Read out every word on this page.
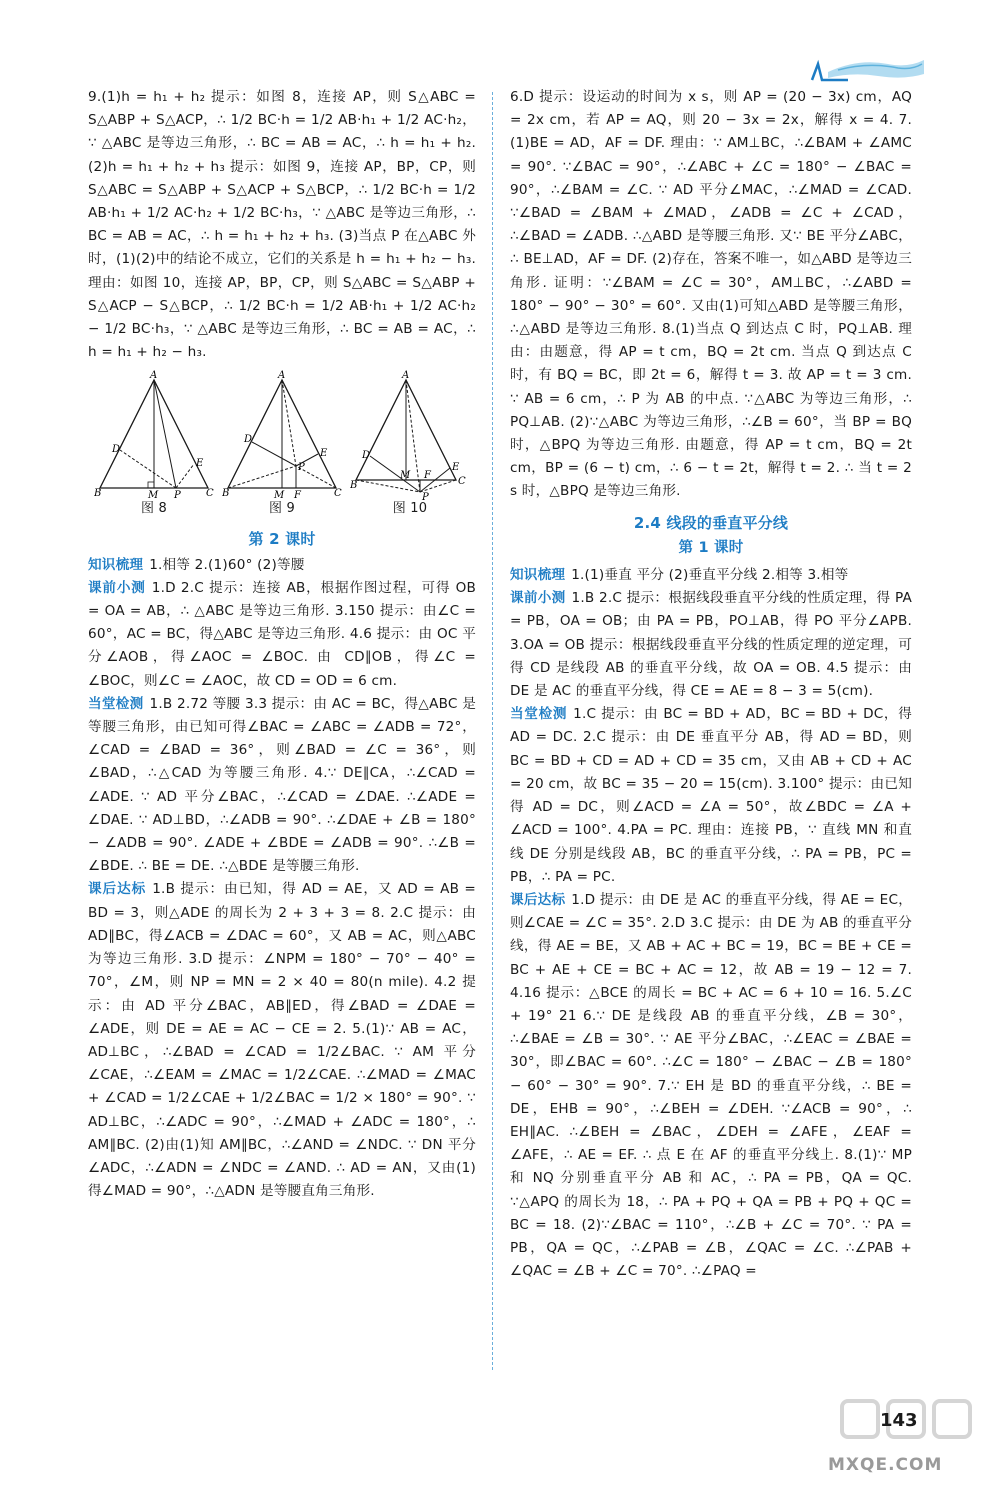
9.(1)h = h₁ + h₂ 提示：如图 8，连接 AP，则 S△ABC = S△ABP + S△ACP，∴ 1/2 BC·h = 1/2 AB·h₁ + 1/2 AC·h₂，∵ △ABC 是等边三角形，∴ BC = AB = AC，∴ h = h₁ + h₂. (2)h = h₁ + h₂ + h₃ 提示：如图 9，连接 AP，BP，CP，则 S△ABC = S△ABP + S△ACP + S△BCP，∴ 1/2 BC·h = 1/2 AB·h₁ + 1/2 AC·h₂ + 1/2 BC·h₃，∵ △ABC 是等边三角形，∴ BC = AB = AC，∴ h = h₁ + h₂ + h₃. (3)当点 P 在△ABC 外时，(1)(2)中的结论不成立，它们的关系是 h = h₁ + h₂ − h₃. 理由：如图 10，连接 AP，BP，CP，则 S△ABC = S△ABP + S△ACP − S△BCP，∴ 1/2 BC·h = 1/2 AB·h₁ + 1/2 AC·h₂ − 1/2 BC·h₃，∵ △ABC 是等边三角形，∴ BC = AB = AC，∴ h = h₁ + h₂ − h₃.

A
B	C
D
E
M P
图 8
A
B	C
D
E
P
M F
图 9
A
B	C
D
E
M F
P
图 10
第 2 课时

知识梳理 1.相等 2.(1)60° (2)等腰

课前小测 1.D 2.C 提示：连接 AB，根据作图过程，可得 OB = OA = AB，∴ △ABC 是等边三角形. 3.150 提示：由∠C = 60°，AC = BC，得△ABC 是等边三角形. 4.6 提示：由 OC 平分∠AOB，得∠AOC = ∠BOC. 由 CD∥OB，得∠C = ∠BOC，则∠C = ∠AOC，故 CD = OD = 6 cm.

当堂检测 1.B 2.72 等腰 3.3 提示：由 AC = BC，得△ABC 是等腰三角形，由已知可得∠BAC = ∠ABC = ∠ADB = 72°，∠CAD = ∠BAD = 36°，则∠BAD = ∠C = 36°，则∠BAD，∴△CAD 为等腰三角形. 4.∵ DE∥CA，∴∠CAD = ∠ADE. ∵ AD 平分∠BAC，∴∠CAD = ∠DAE. ∴∠ADE = ∠DAE. ∵ AD⊥BD，∴∠ADB = 90°. ∴∠DAE + ∠B = 180° − ∠ADB = 90°. ∠ADE + ∠BDE = ∠ADB = 90°. ∴∠B = ∠BDE. ∴ BE = DE. ∴△BDE 是等腰三角形.

课后达标 1.B 提示：由已知，得 AD = AE，又 AD = AB = BD = 3，则△ADE 的周长为 2 + 3 + 3 = 8. 2.C 提示：由 AD∥BC，得∠ACB = ∠DAC = 60°，又 AB = AC，则△ABC 为等边三角形. 3.D 提示：∠NPM = 180° − 70° − 40° = 70°，∠M，则 NP = MN = 2 × 40 = 80(n mile). 4.2 提示：由 AD 平分∠BAC，AB∥ED，得∠BAD = ∠DAE = ∠ADE，则 DE = AE = AC − CE = 2. 5.(1)∵ AB = AC，AD⊥BC，∴∠BAD = ∠CAD = 1/2∠BAC. ∵ AM 平分∠CAE，∴∠EAM = ∠MAC = 1/2∠CAE. ∴∠MAD = ∠MAC + ∠CAD = 1/2∠CAE + 1/2∠BAC = 1/2 × 180° = 90°. ∵ AD⊥BC，∴∠ADC = 90°，∴∠MAD + ∠ADC = 180°，∴ AM∥BC. (2)由(1)知 AM∥BC，∴∠AND = ∠NDC. ∵ DN 平分∠ADC，∴∠ADN = ∠NDC = ∠AND. ∴ AD = AN，又由(1)得∠MAD = 90°，∴△ADN 是等腰直角三角形.

6.D 提示：设运动的时间为 x s，则 AP = (20 − 3x) cm，AQ = 2x cm，若 AP = AQ，则 20 − 3x = 2x，解得 x = 4. 7.(1)BE = AD，AF = DF. 理由：∵ AM⊥BC，∴∠BAM + ∠AMC = 90°. ∵∠BAC = 90°，∴∠ABC + ∠C = 180° − ∠BAC = 90°，∴∠BAM = ∠C. ∵ AD 平分∠MAC，∴∠MAD = ∠CAD. ∵∠BAD = ∠BAM + ∠MAD，∠ADB = ∠C + ∠CAD，∴∠BAD = ∠ADB. ∴△ABD 是等腰三角形. 又∵ BE 平分∠ABC，∴ BE⊥AD，AF = DF. (2)存在，答案不唯一，如△ABD 是等边三角形. 证明：∵∠BAM = ∠C = 30°，AM⊥BC，∴∠ABD = 180° − 90° − 30° = 60°. 又由(1)可知△ABD 是等腰三角形，∴△ABD 是等边三角形. 8.(1)当点 Q 到达点 C 时，PQ⊥AB. 理由：由题意，得 AP = t cm，BQ = 2t cm. 当点 Q 到达点 C 时，有 BQ = BC，即 2t = 6，解得 t = 3. 故 AP = t = 3 cm. ∵ AB = 6 cm，∴ P 为 AB 的中点. ∵△ABC 为等边三角形，∴ PQ⊥AB. (2)∵△ABC 为等边三角形，∴∠B = 60°，当 BP = BQ 时，△BPQ 为等边三角形. 由题意，得 AP = t cm，BQ = 2t cm，BP = (6 − t) cm，∴ 6 − t = 2t，解得 t = 2. ∴ 当 t = 2 s 时，△BPQ 是等边三角形.

2.4 线段的垂直平分线
第 1 课时

知识梳理 1.(1)垂直 平分 (2)垂直平分线 2.相等 3.相等

课前小测 1.B 2.C 提示：根据线段垂直平分线的性质定理，得 PA = PB，OA = OB；由 PA = PB，PO⊥AB，得 PO 平分∠APB. 3.OA = OB 提示：根据线段垂直平分线的性质定理的逆定理，可得 CD 是线段 AB 的垂直平分线，故 OA = OB. 4.5 提示：由 DE 是 AC 的垂直平分线，得 CE = AE = 8 − 3 = 5(cm).

当堂检测 1.C 提示：由 BC = BD + AD，BC = BD + DC，得 AD = DC. 2.C 提示：由 DE 垂直平分 AB，得 AD = BD，则 BC = BD + CD = AD + CD = 35 cm，又由 AB + CD + AC = 20 cm，故 BC = 35 − 20 = 15(cm). 3.100° 提示：由已知得 AD = DC，则∠ACD = ∠A = 50°，故∠BDC = ∠A + ∠ACD = 100°. 4.PA = PC. 理由：连接 PB，∵ 直线 MN 和直线 DE 分别是线段 AB，BC 的垂直平分线，∴ PA = PB，PC = PB，∴ PA = PC.

课后达标 1.D 提示：由 DE 是 AC 的垂直平分线，得 AE = EC，则∠CAE = ∠C = 35°. 2.D 3.C 提示：由 DE 为 AB 的垂直平分线，得 AE = BE，又 AB + AC + BC = 19，BC = BE + CE = BC + AE + CE = BC + AC = 12，故 AB = 19 − 12 = 7. 4.16 提示：△BCE 的周长 = BC + AC = 6 + 10 = 16. 5.∠C + 19° 21 6.∵ DE 是线段 AB 的垂直平分线，∠B = 30°，∴∠BAE = ∠B = 30°. ∵ AE 平分∠BAC，∴∠EAC = ∠BAE = 30°，即∠BAC = 60°. ∴∠C = 180° − ∠BAC − ∠B = 180° − 60° − 30° = 90°. 7.∵ EH 是 BD 的垂直平分线，∴ BE = DE，EHB = 90°，∴∠BEH = ∠DEH. ∵∠ACB = 90°，∴ EH∥AC. ∴∠BEH = ∠BAC，∠DEH = ∠AFE，∠EAF = ∠AFE，∴ AE = EF. ∴ 点 E 在 AF 的垂直平分线上. 8.(1)∵ MP 和 NQ 分别垂直平分 AB 和 AC，∴ PA = PB，QA = QC. ∵△APQ 的周长为 18，∴ PA + PQ + QA = PB + PQ + QC = BC = 18. (2)∵∠BAC = 110°，∴∠B + ∠C = 70°. ∵ PA = PB，QA = QC，∴∠PAB = ∠B，∠QAC = ∠C. ∴∠PAB + ∠QAC = ∠B + ∠C = 70°. ∴∠PAQ =

143
MXQE.COM
